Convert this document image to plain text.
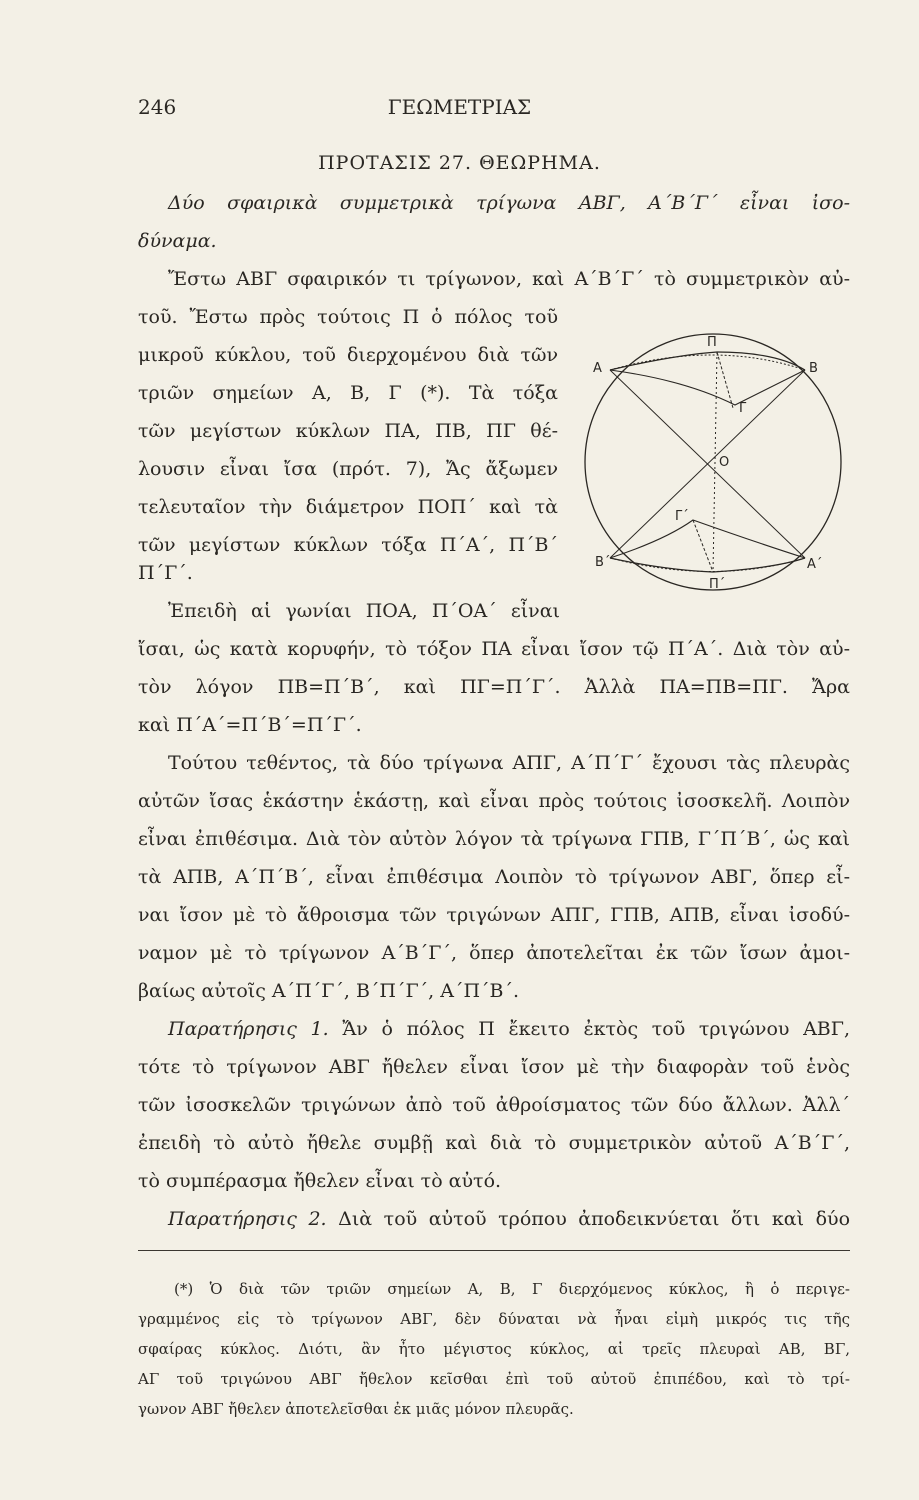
246	ΓΕΩΜΕΤΡΙΑΣ
ΠΡΟΤΑΣΙΣ 27. ΘΕΩΡΗΜΑ.
Δύο σφαιρικὰ συμμετρικὰ τρίγωνα ΑΒΓ, Α΄Β΄Γ΄ εἶναι ἰσο-
δύναμα.
Ἔστω ΑΒΓ σφαιρικόν τι τρίγωνον, καὶ Α΄Β΄Γ΄ τὸ συμμετρικὸν αὐ-
τοῦ. Ἔστω πρὸς τούτοις Π ὁ πόλος τοῦ
μικροῦ κύκλου, τοῦ διερχομένου διὰ τῶν
τριῶν σημείων Α, Β, Γ (*). Τὰ τόξα
τῶν μεγίστων κύκλων ΠΑ, ΠΒ, ΠΓ θέ-
λουσιν εἶναι ἴσα (πρότ. 7), Ἄς ἄξωμεν
τελευταῖον τὴν διάμετρον ΠΟΠ΄ καὶ τὰ
τῶν μεγίστων κύκλων τόξα Π΄Α΄, Π΄Β΄
Π΄Γ΄.
Ἐπειδὴ αἱ γωνίαι ΠΟΑ, Π΄ΟΑ΄ εἶναι
ἴσαι, ὡς κατὰ κορυφήν, τὸ τόξον ΠΑ εἶναι ἴσον τῷ Π΄Α΄. Διὰ τὸν αὐ-
τὸν λόγον ΠΒ=Π΄Β΄, καὶ ΠΓ=Π΄Γ΄. Ἀλλὰ ΠΑ=ΠΒ=ΠΓ. Ἄρα
καὶ Π΄Α΄=Π΄Β΄=Π΄Γ΄.
Τούτου τεθέντος, τὰ δύο τρίγωνα ΑΠΓ, Α΄Π΄Γ΄ ἔχουσι τὰς πλευρὰς
αὐτῶν ἴσας ἑκάστην ἑκάστῃ, καὶ εἶναι πρὸς τούτοις ἰσοσκελῆ. Λοιπὸν
εἶναι ἐπιθέσιμα. Διὰ τὸν αὐτὸν λόγον τὰ τρίγωνα ΓΠΒ, Γ΄Π΄Β΄, ὡς καὶ
τὰ ΑΠΒ, Α΄Π΄Β΄, εἶναι ἐπιθέσιμα Λοιπὸν τὸ τρίγωνον ΑΒΓ, ὅπερ εἶ-
ναι ἴσον μὲ τὸ ἄθροισμα τῶν τριγώνων ΑΠΓ, ΓΠΒ, ΑΠΒ, εἶναι ἰσοδύ-
ναμον μὲ τὸ τρίγωνον Α΄Β΄Γ΄, ὅπερ ἀποτελεῖται ἐκ τῶν ἴσων ἀμοι-
βαίως αὐτοῖς Α΄Π΄Γ΄, Β΄Π΄Γ΄, Α΄Π΄Β΄.
Παρατήρησις 1. Ἄν ὁ πόλος Π ἔκειτο ἐκτὸς τοῦ τριγώνου ΑΒΓ,
τότε τὸ τρίγωνον ΑΒΓ ἤθελεν εἶναι ἴσον μὲ τὴν διαφορὰν τοῦ ἑνὸς
τῶν ἰσοσκελῶν τριγώνων ἀπὸ τοῦ ἀθροίσματος τῶν δύο ἄλλων. Ἀλλ΄
ἐπειδὴ τὸ αὐτὸ ἤθελε συμβῇ καὶ διὰ τὸ συμμετρικὸν αὐτοῦ Α΄Β΄Γ΄,
τὸ συμπέρασμα ἤθελεν εἶναι τὸ αὐτό.
Παρατήρησις 2. Διὰ τοῦ αὐτοῦ τρόπου ἀποδεικνύεται ὅτι καὶ δύο
(*) Ὁ διὰ τῶν τριῶν σημείων Α, Β, Γ διερχόμενος κύκλος, ἢ ὁ περιγε-
γραμμένος εἰς τὸ τρίγωνον ΑΒΓ, δὲν δύναται νὰ ἦναι εἰμὴ μικρός τις τῆς
σφαίρας κύκλος. Διότι, ἂν ἦτο μέγιστος κύκλος, αἱ τρεῖς πλευραὶ ΑΒ, ΒΓ,
ΑΓ τοῦ τριγώνου ΑΒΓ ἤθελον κεῖσθαι ἐπὶ τοῦ αὐτοῦ ἐπιπέδου, καὶ τὸ τρί-
γωνον ΑΒΓ ἤθελεν ἀποτελεῖσθαι ἐκ μιᾶς μόνον πλευρᾶς.
A
Π
B
Γ
O
Γ΄
B΄
Π΄
A΄
